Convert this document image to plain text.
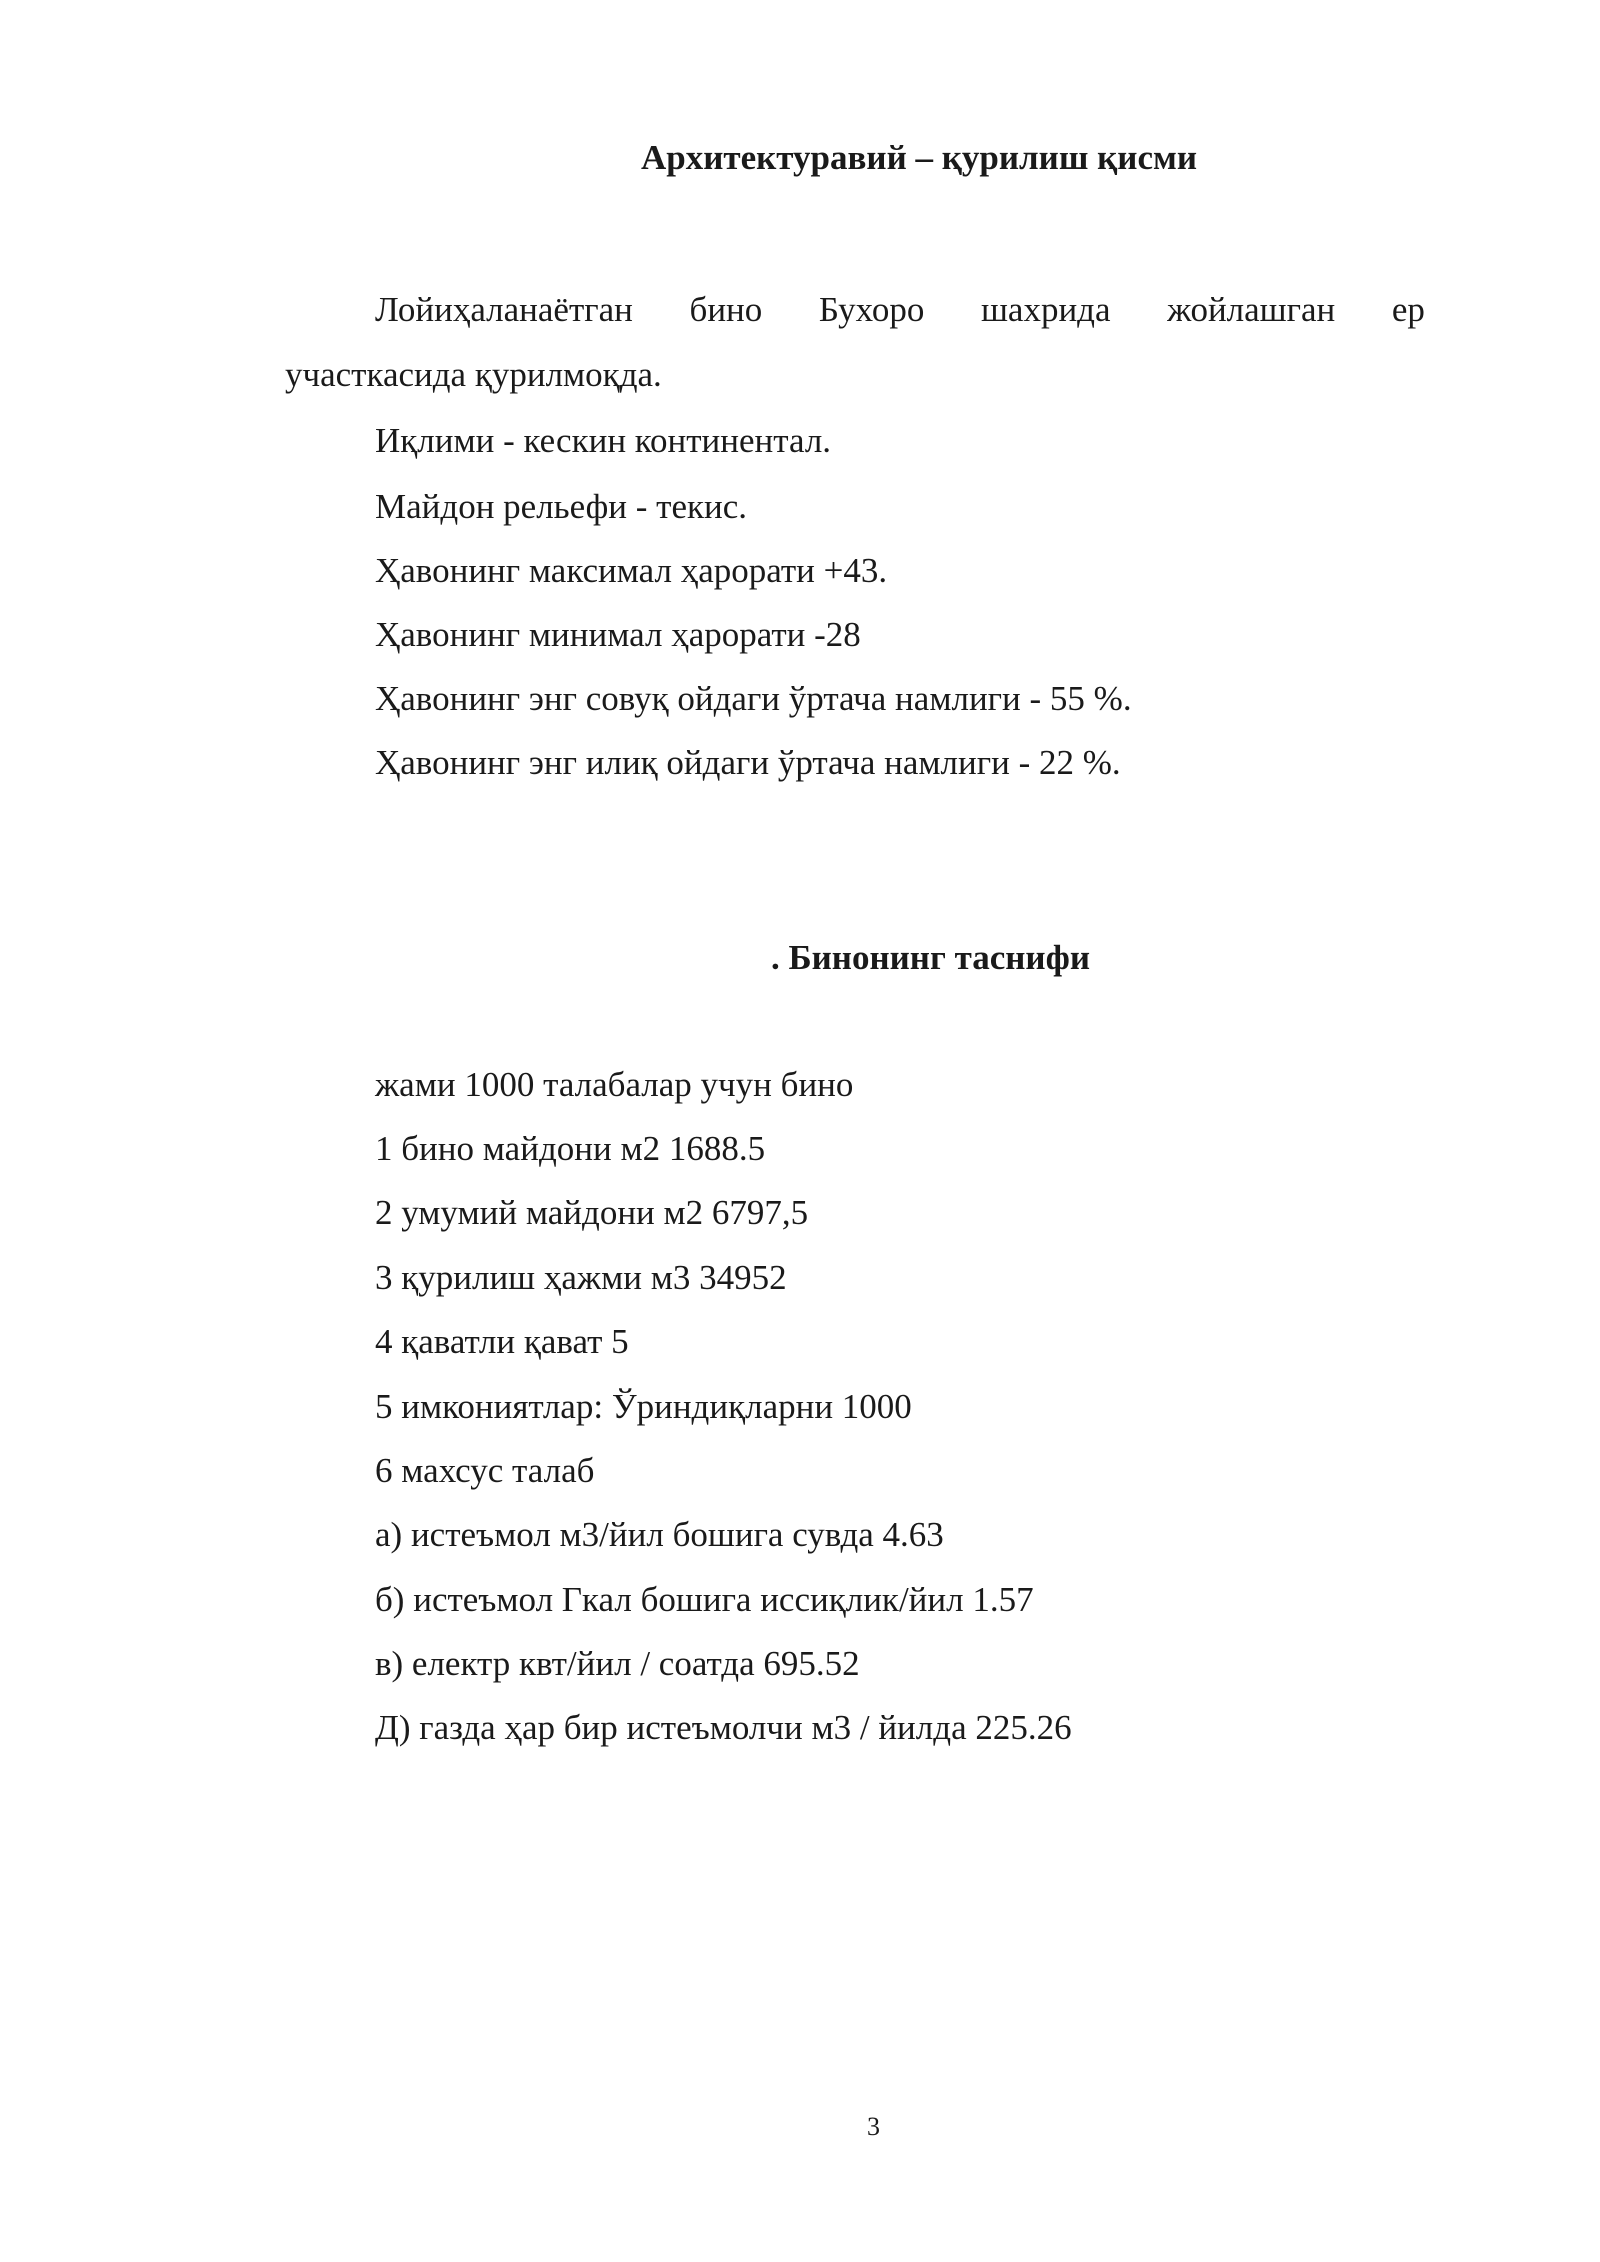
Архитектуравий – қурилиш қисми
Лойиҳаланаётган бино Бухоро шахрида жойлашган ер
участкасида қурилмоқда.
Иқлими - кескин континентал.
Майдон рельефи - текис.
Ҳавонинг максимал ҳарорати +43.
Ҳавонинг минимал ҳарорати -28
Ҳавонинг энг совуқ ойдаги ўртача намлиги - 55 %.
Ҳавонинг энг илиқ ойдаги ўртача намлиги - 22 %.
. Бинонинг таснифи
жами 1000 талабалар учун бино
1 бино майдони м2 1688.5
2 умумий майдони м2 6797,5
3 қурилиш ҳажми м3 34952
4 қаватли қават 5
5 имкониятлар: Ўриндиқларни 1000
6 махсус талаб
а) истеъмол м3/йил бошига сувда 4.63
б) истеъмол Гкал бошига иссиқлик/йил 1.57
в) електр квт/йил / соатда 695.52
Д) газда ҳар бир истеъмолчи м3 / йилда 225.26
3
